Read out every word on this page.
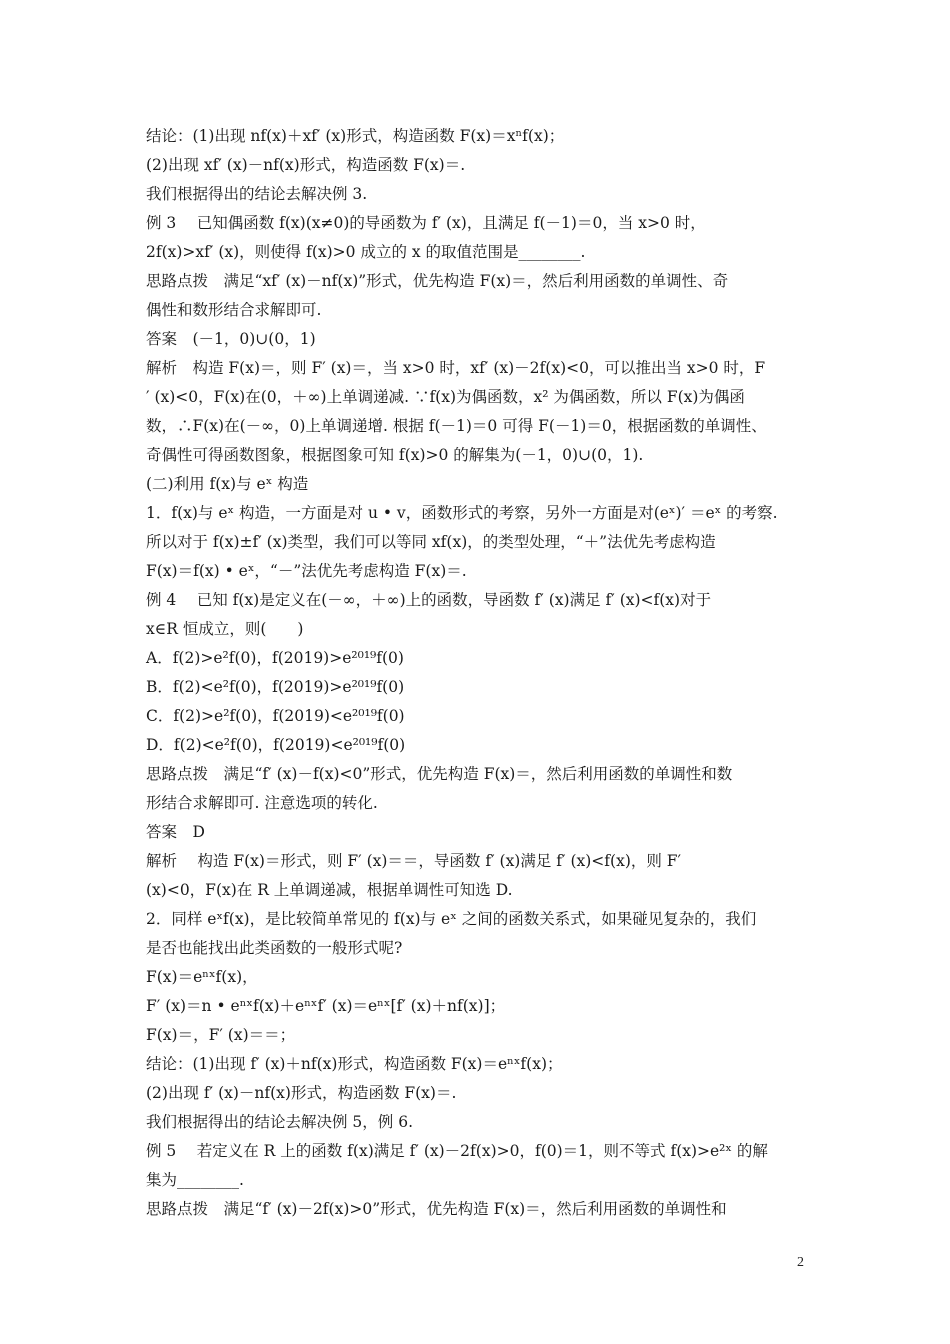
结论：(1)出现 nf(x)＋xf′ (x)形式，构造函数 F(x)＝xⁿf(x)；
(2)出现 xf′ (x)－nf(x)形式，构造函数 F(x)＝.
我们根据得出的结论去解决例 3.
例 3　 已知偶函数 f(x)(x≠0)的导函数为 f′ (x)，且满足 f(－1)＝0，当 x>0 时，
2f(x)>xf′ (x)，则使得 f(x)>0 成立的 x 的取值范围是________.
思路点拨　满足“xf′ (x)－nf(x)”形式，优先构造 F(x)＝，然后利用函数的单调性、奇
偶性和数形结合求解即可.
答案　(－1，0)∪(0，1)
解析　构造 F(x)＝，则 F′ (x)＝，当 x>0 时，xf′ (x)－2f(x)<0，可以推出当 x>0 时，F
′ (x)<0，F(x)在(0，＋∞)上单调递减. ∵f(x)为偶函数，x² 为偶函数，所以 F(x)为偶函
数，∴F(x)在(－∞，0)上单调递增. 根据 f(－1)＝0 可得 F(－1)＝0，根据函数的单调性、
奇偶性可得函数图象，根据图象可知 f(x)>0 的解集为(－1，0)∪(0，1).
(二)利用 f(x)与 eˣ 构造
1．f(x)与 eˣ 构造，一方面是对 u • v，函数形式的考察，另外一方面是对(eˣ)′ ＝eˣ 的考察.
所以对于 f(x)±f′ (x)类型，我们可以等同 xf(x)，的类型处理，“＋”法优先考虑构造
F(x)＝f(x) • eˣ，“－”法优先考虑构造 F(x)＝.
例 4　 已知 f(x)是定义在(－∞，＋∞)上的函数，导函数 f′ (x)满足 f′ (x)<f(x)对于
x∈R 恒成立，则(　　)
A．f(2)>e²f(0)，f(2019)>e²⁰¹⁹f(0)
B．f(2)<e²f(0)，f(2019)>e²⁰¹⁹f(0)
C．f(2)>e²f(0)，f(2019)<e²⁰¹⁹f(0)
D．f(2)<e²f(0)，f(2019)<e²⁰¹⁹f(0)
思路点拨　满足“f′ (x)－f(x)<0”形式，优先构造 F(x)＝，然后利用函数的单调性和数
形结合求解即可. 注意选项的转化.
答案　D
解析　 构造 F(x)＝形式，则 F′ (x)＝＝，导函数 f′ (x)满足 f′ (x)<f(x)，则 F′
(x)<0，F(x)在 R 上单调递减，根据单调性可知选 D.
2．同样 eˣf(x)，是比较简单常见的 f(x)与 eˣ 之间的函数关系式，如果碰见复杂的，我们
是否也能找出此类函数的一般形式呢?
F(x)＝eⁿˣf(x)，
F′ (x)＝n • eⁿˣf(x)＋eⁿˣf′ (x)＝eⁿˣ[f′ (x)＋nf(x)]；
F(x)＝，F′ (x)＝＝；
结论：(1)出现 f′ (x)＋nf(x)形式，构造函数 F(x)＝eⁿˣf(x)；
(2)出现 f′ (x)－nf(x)形式，构造函数 F(x)＝.
我们根据得出的结论去解决例 5，例 6.
例 5　 若定义在 R 上的函数 f(x)满足 f′ (x)－2f(x)>0，f(0)＝1，则不等式 f(x)>e²ˣ 的解
集为________.
思路点拨　满足“f′ (x)－2f(x)>0”形式，优先构造 F(x)＝，然后利用函数的单调性和
2
